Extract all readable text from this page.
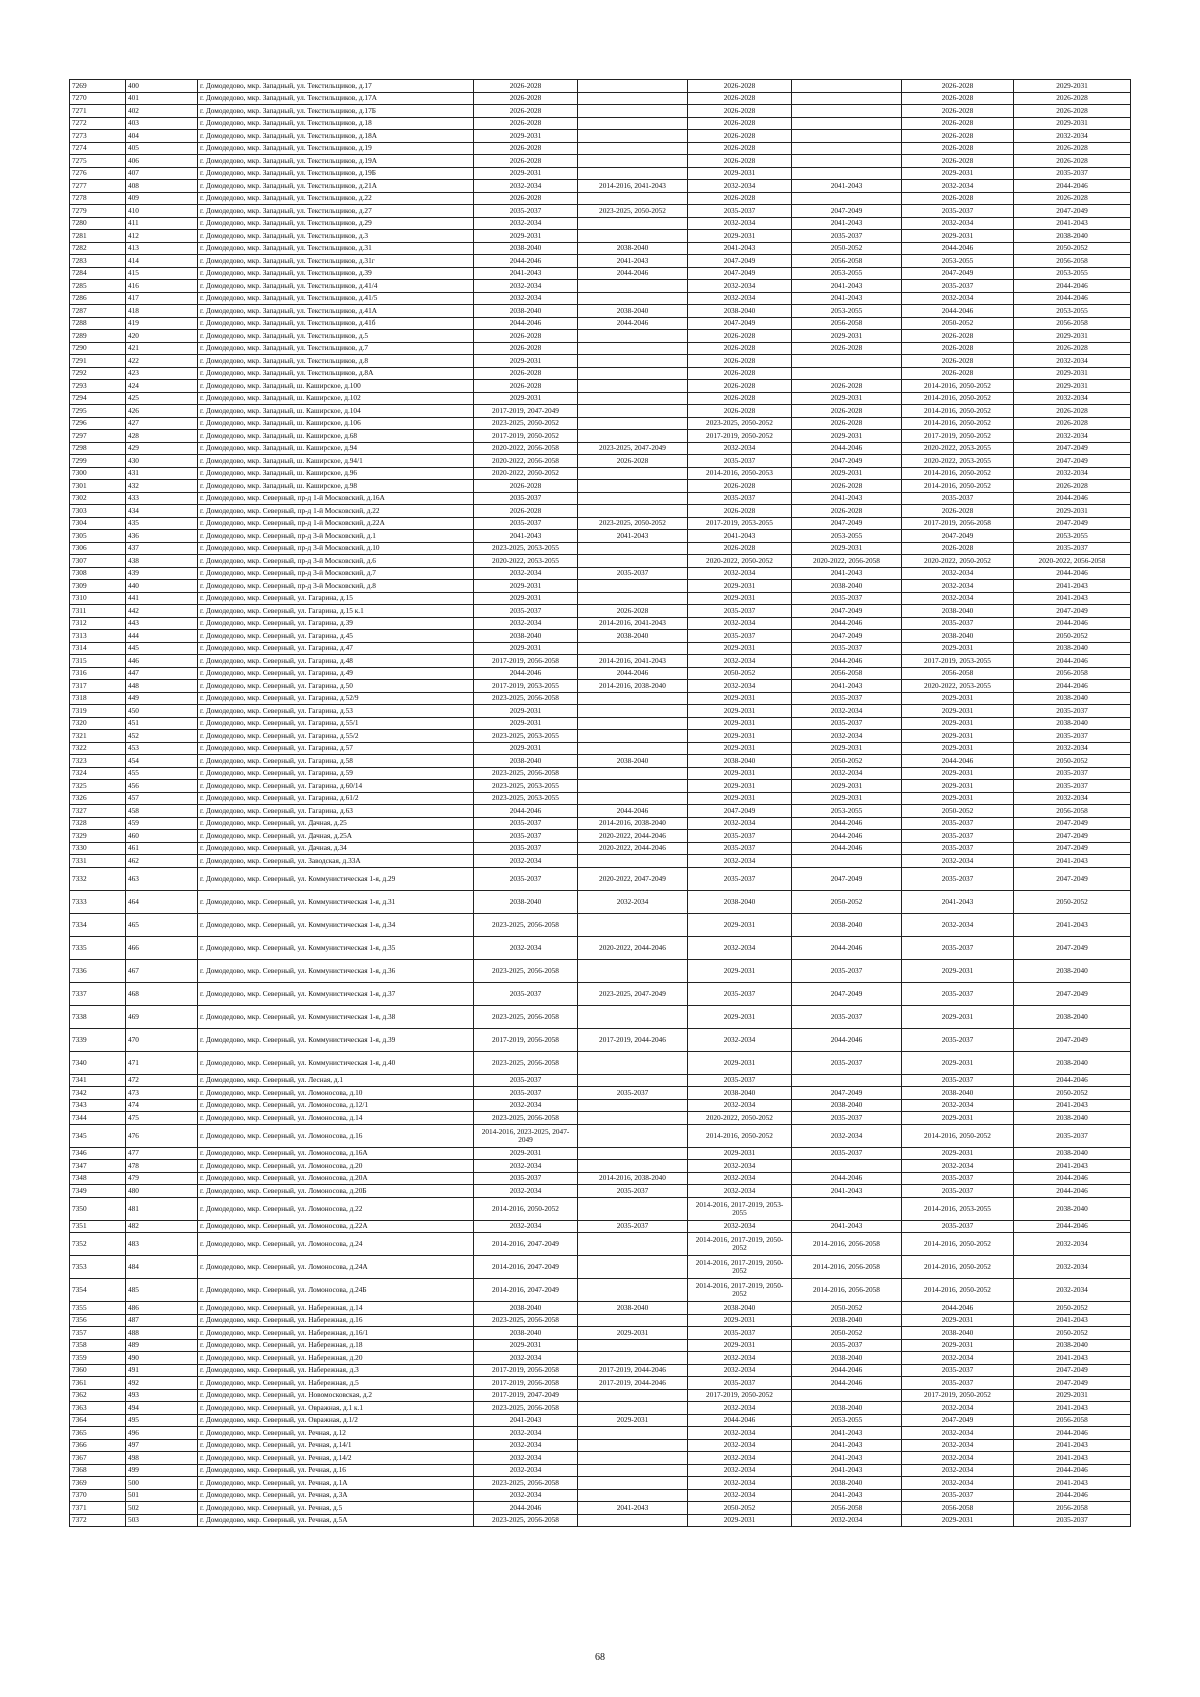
7269	400	г. Домодедово, мкр. Западный, ул. Текстильщиков, д.17	2026-2028		2026-2028		2026-2028	2029-2031
7270	401	г. Домодедово, мкр. Западный, ул. Текстильщиков, д.17А	2026-2028		2026-2028		2026-2028	2026-2028
7271	402	г. Домодедово, мкр. Западный, ул. Текстильщиков, д.17Б	2026-2028		2026-2028		2026-2028	2026-2028
7272	403	г. Домодедово, мкр. Западный, ул. Текстильщиков, д.18	2026-2028		2026-2028		2026-2028	2029-2031
7273	404	г. Домодедово, мкр. Западный, ул. Текстильщиков, д.18А	2029-2031		2026-2028		2026-2028	2032-2034
7274	405	г. Домодедово, мкр. Западный, ул. Текстильщиков, д.19	2026-2028		2026-2028		2026-2028	2026-2028
7275	406	г. Домодедово, мкр. Западный, ул. Текстильщиков, д.19А	2026-2028		2026-2028		2026-2028	2026-2028
7276	407	г. Домодедово, мкр. Западный, ул. Текстильщиков, д.19Б	2029-2031		2029-2031		2029-2031	2035-2037
7277	408	г. Домодедово, мкр. Западный, ул. Текстильщиков, д.21А	2032-2034	2014-2016, 2041-2043	2032-2034	2041-2043	2032-2034	2044-2046
7278	409	г. Домодедово, мкр. Западный, ул. Текстильщиков, д.22	2026-2028		2026-2028		2026-2028	2026-2028
7279	410	г. Домодедово, мкр. Западный, ул. Текстильщиков, д.27	2035-2037	2023-2025, 2050-2052	2035-2037	2047-2049	2035-2037	2047-2049
7280	411	г. Домодедово, мкр. Западный, ул. Текстильщиков, д.29	2032-2034		2032-2034	2041-2043	2032-2034	2041-2043
7281	412	г. Домодедово, мкр. Западный, ул. Текстильщиков, д.3	2029-2031		2029-2031	2035-2037	2029-2031	2038-2040
7282	413	г. Домодедово, мкр. Западный, ул. Текстильщиков, д.31	2038-2040	2038-2040	2041-2043	2050-2052	2044-2046	2050-2052
7283	414	г. Домодедово, мкр. Западный, ул. Текстильщиков, д.31г	2044-2046	2041-2043	2047-2049	2056-2058	2053-2055	2056-2058
7284	415	г. Домодедово, мкр. Западный, ул. Текстильщиков, д.39	2041-2043	2044-2046	2047-2049	2053-2055	2047-2049	2053-2055
7285	416	г. Домодедово, мкр. Западный, ул. Текстильщиков, д.41/4	2032-2034		2032-2034	2041-2043	2035-2037	2044-2046
7286	417	г. Домодедово, мкр. Западный, ул. Текстильщиков, д.41/5	2032-2034		2032-2034	2041-2043	2032-2034	2044-2046
7287	418	г. Домодедово, мкр. Западный, ул. Текстильщиков, д.41А	2038-2040	2038-2040	2038-2040	2053-2055	2044-2046	2053-2055
7288	419	г. Домодедово, мкр. Западный, ул. Текстильщиков, д.41б	2044-2046	2044-2046	2047-2049	2056-2058	2050-2052	2056-2058
7289	420	г. Домодедово, мкр. Западный, ул. Текстильщиков, д.5	2026-2028		2026-2028	2029-2031	2026-2028	2029-2031
7290	421	г. Домодедово, мкр. Западный, ул. Текстильщиков, д.7	2026-2028		2026-2028	2026-2028	2026-2028	2026-2028
7291	422	г. Домодедово, мкр. Западный, ул. Текстильщиков, д.8	2029-2031		2026-2028		2026-2028	2032-2034
7292	423	г. Домодедово, мкр. Западный, ул. Текстильщиков, д.8А	2026-2028		2026-2028		2026-2028	2029-2031
7293	424	г. Домодедово, мкр. Западный, ш. Каширское, д.100	2026-2028		2026-2028	2026-2028	2014-2016, 2050-2052	2029-2031
7294	425	г. Домодедово, мкр. Западный, ш. Каширское, д.102	2029-2031		2026-2028	2029-2031	2014-2016, 2050-2052	2032-2034
7295	426	г. Домодедово, мкр. Западный, ш. Каширское, д.104	2017-2019, 2047-2049		2026-2028	2026-2028	2014-2016, 2050-2052	2026-2028
7296	427	г. Домодедово, мкр. Западный, ш. Каширское, д.106	2023-2025, 2050-2052		2023-2025, 2050-2052	2026-2028	2014-2016, 2050-2052	2026-2028
7297	428	г. Домодедово, мкр. Западный, ш. Каширское, д.68	2017-2019, 2050-2052		2017-2019, 2050-2052	2029-2031	2017-2019, 2050-2052	2032-2034
7298	429	г. Домодедово, мкр. Западный, ш. Каширское, д.94	2020-2022, 2056-2058	2023-2025, 2047-2049	2032-2034	2044-2046	2020-2022, 2053-2055	2047-2049
7299	430	г. Домодедово, мкр. Западный, ш. Каширское, д.94/1	2020-2022, 2056-2058	2026-2028	2035-2037	2047-2049	2020-2022, 2053-2055	2047-2049
7300	431	г. Домодедово, мкр. Западный, ш. Каширское, д.96	2020-2022, 2050-2052		2014-2016, 2050-2053	2029-2031	2014-2016, 2050-2052	2032-2034
7301	432	г. Домодедово, мкр. Западный, ш. Каширское, д.98	2026-2028		2026-2028	2026-2028	2014-2016, 2050-2052	2026-2028
7302	433	г. Домодедово, мкр. Северный, пр-д 1-й Московский, д.16А	2035-2037		2035-2037	2041-2043	2035-2037	2044-2046
7303	434	г. Домодедово, мкр. Северный, пр-д 1-й Московский, д.22	2026-2028		2026-2028	2026-2028	2026-2028	2029-2031
7304	435	г. Домодедово, мкр. Северный, пр-д 1-й Московский, д.22А	2035-2037	2023-2025, 2050-2052	2017-2019, 2053-2055	2047-2049	2017-2019, 2056-2058	2047-2049
7305	436	г. Домодедово, мкр. Северный, пр-д 3-й Московский, д.1	2041-2043	2041-2043	2041-2043	2053-2055	2047-2049	2053-2055
7306	437	г. Домодедово, мкр. Северный, пр-д 3-й Московский, д.10	2023-2025, 2053-2055		2026-2028	2029-2031	2026-2028	2035-2037
7307	438	г. Домодедово, мкр. Северный, пр-д 3-й Московский, д.6	2020-2022, 2053-2055		2020-2022, 2050-2052	2020-2022, 2056-2058	2020-2022, 2050-2052	2020-2022, 2056-2058
7308	439	г. Домодедово, мкр. Северный, пр-д 3-й Московский, д.7	2032-2034	2035-2037	2032-2034	2041-2043	2032-2034	2044-2046
7309	440	г. Домодедово, мкр. Северный, пр-д 3-й Московский, д.8	2029-2031		2029-2031	2038-2040	2032-2034	2041-2043
7310	441	г. Домодедово, мкр. Северный, ул. Гагарина, д.15	2029-2031		2029-2031	2035-2037	2032-2034	2041-2043
7311	442	г. Домодедово, мкр. Северный, ул. Гагарина, д.15 к.1	2035-2037	2026-2028	2035-2037	2047-2049	2038-2040	2047-2049
7312	443	г. Домодедово, мкр. Северный, ул. Гагарина, д.39	2032-2034	2014-2016, 2041-2043	2032-2034	2044-2046	2035-2037	2044-2046
7313	444	г. Домодедово, мкр. Северный, ул. Гагарина, д.45	2038-2040	2038-2040	2035-2037	2047-2049	2038-2040	2050-2052
7314	445	г. Домодедово, мкр. Северный, ул. Гагарина, д.47	2029-2031		2029-2031	2035-2037	2029-2031	2038-2040
7315	446	г. Домодедово, мкр. Северный, ул. Гагарина, д.48	2017-2019, 2056-2058	2014-2016, 2041-2043	2032-2034	2044-2046	2017-2019, 2053-2055	2044-2046
7316	447	г. Домодедово, мкр. Северный, ул. Гагарина, д.49	2044-2046	2044-2046	2050-2052	2056-2058	2056-2058	2056-2058
7317	448	г. Домодедово, мкр. Северный, ул. Гагарина, д.50	2017-2019, 2053-2055	2014-2016, 2038-2040	2032-2034	2041-2043	2020-2022, 2053-2055	2044-2046
7318	449	г. Домодедово, мкр. Северный, ул. Гагарина, д.52/9	2023-2025, 2056-2058		2029-2031	2035-2037	2029-2031	2038-2040
7319	450	г. Домодедово, мкр. Северный, ул. Гагарина, д.53	2029-2031		2029-2031	2032-2034	2029-2031	2035-2037
7320	451	г. Домодедово, мкр. Северный, ул. Гагарина, д.55/1	2029-2031		2029-2031	2035-2037	2029-2031	2038-2040
7321	452	г. Домодедово, мкр. Северный, ул. Гагарина, д.55/2	2023-2025, 2053-2055		2029-2031	2032-2034	2029-2031	2035-2037
7322	453	г. Домодедово, мкр. Северный, ул. Гагарина, д.57	2029-2031		2029-2031	2029-2031	2029-2031	2032-2034
7323	454	г. Домодедово, мкр. Северный, ул. Гагарина, д.58	2038-2040	2038-2040	2038-2040	2050-2052	2044-2046	2050-2052
7324	455	г. Домодедово, мкр. Северный, ул. Гагарина, д.59	2023-2025, 2056-2058		2029-2031	2032-2034	2029-2031	2035-2037
7325	456	г. Домодедово, мкр. Северный, ул. Гагарина, д.60/14	2023-2025, 2053-2055		2029-2031	2029-2031	2029-2031	2035-2037
7326	457	г. Домодедово, мкр. Северный, ул. Гагарина, д.61/2	2023-2025, 2053-2055		2029-2031	2029-2031	2029-2031	2032-2034
7327	458	г. Домодедово, мкр. Северный, ул. Гагарина, д.63	2044-2046	2044-2046	2047-2049	2053-2055	2050-2052	2056-2058
7328	459	г. Домодедово, мкр. Северный, ул. Дачная, д.25	2035-2037	2014-2016, 2038-2040	2032-2034	2044-2046	2035-2037	2047-2049
7329	460	г. Домодедово, мкр. Северный, ул. Дачная, д.25А	2035-2037	2020-2022, 2044-2046	2035-2037	2044-2046	2035-2037	2047-2049
7330	461	г. Домодедово, мкр. Северный, ул. Дачная, д.34	2035-2037	2020-2022, 2044-2046	2035-2037	2044-2046	2035-2037	2047-2049
7331	462	г. Домодедово, мкр. Северный, ул. Заводская, д.33А	2032-2034		2032-2034		2032-2034	2041-2043
7332	463	г. Домодедово, мкр. Северный, ул. Коммунистическая 1-я, д.29	2035-2037	2020-2022, 2047-2049	2035-2037	2047-2049	2035-2037	2047-2049
7333	464	г. Домодедово, мкр. Северный, ул. Коммунистическая 1-я, д.31	2038-2040	2032-2034	2038-2040	2050-2052	2041-2043	2050-2052
7334	465	г. Домодедово, мкр. Северный, ул. Коммунистическая 1-я, д.34	2023-2025, 2056-2058		2029-2031	2038-2040	2032-2034	2041-2043
7335	466	г. Домодедово, мкр. Северный, ул. Коммунистическая 1-я, д.35	2032-2034	2020-2022, 2044-2046	2032-2034	2044-2046	2035-2037	2047-2049
7336	467	г. Домодедово, мкр. Северный, ул. Коммунистическая 1-я, д.36	2023-2025, 2056-2058		2029-2031	2035-2037	2029-2031	2038-2040
7337	468	г. Домодедово, мкр. Северный, ул. Коммунистическая 1-я, д.37	2035-2037	2023-2025, 2047-2049	2035-2037	2047-2049	2035-2037	2047-2049
7338	469	г. Домодедово, мкр. Северный, ул. Коммунистическая 1-я, д.38	2023-2025, 2056-2058		2029-2031	2035-2037	2029-2031	2038-2040
7339	470	г. Домодедово, мкр. Северный, ул. Коммунистическая 1-я, д.39	2017-2019, 2056-2058	2017-2019, 2044-2046	2032-2034	2044-2046	2035-2037	2047-2049
7340	471	г. Домодедово, мкр. Северный, ул. Коммунистическая 1-я, д.40	2023-2025, 2056-2058		2029-2031	2035-2037	2029-2031	2038-2040
7341	472	г. Домодедово, мкр. Северный, ул. Лесная, д.1	2035-2037		2035-2037		2035-2037	2044-2046
7342	473	г. Домодедово, мкр. Северный, ул. Ломоносова, д.10	2035-2037	2035-2037	2038-2040	2047-2049	2038-2040	2050-2052
7343	474	г. Домодедово, мкр. Северный, ул. Ломоносова, д.12/1	2032-2034		2032-2034	2038-2040	2032-2034	2041-2043
7344	475	г. Домодедово, мкр. Северный, ул. Ломоносова, д.14	2023-2025, 2056-2058		2020-2022, 2050-2052	2035-2037	2029-2031	2038-2040
7345	476	г. Домодедово, мкр. Северный, ул. Ломоносова, д.16	2014-2016, 2023-2025, 2047-2049		2014-2016, 2050-2052	2032-2034	2014-2016, 2050-2052	2035-2037
7346	477	г. Домодедово, мкр. Северный, ул. Ломоносова, д.16А	2029-2031		2029-2031	2035-2037	2029-2031	2038-2040
7347	478	г. Домодедово, мкр. Северный, ул. Ломоносова, д.20	2032-2034		2032-2034		2032-2034	2041-2043
7348	479	г. Домодедово, мкр. Северный, ул. Ломоносова, д.20А	2035-2037	2014-2016, 2038-2040	2032-2034	2044-2046	2035-2037	2044-2046
7349	480	г. Домодедово, мкр. Северный, ул. Ломоносова, д.20Б	2032-2034	2035-2037	2032-2034	2041-2043	2035-2037	2044-2046
7350	481	г. Домодедово, мкр. Северный, ул. Ломоносова, д.22	2014-2016, 2050-2052		2014-2016, 2017-2019, 2053-2055		2014-2016, 2053-2055	2038-2040
7351	482	г. Домодедово, мкр. Северный, ул. Ломоносова, д.22А	2032-2034	2035-2037	2032-2034	2041-2043	2035-2037	2044-2046
7352	483	г. Домодедово, мкр. Северный, ул. Ломоносова, д.24	2014-2016, 2047-2049		2014-2016, 2017-2019, 2050-2052	2014-2016, 2056-2058	2014-2016, 2050-2052	2032-2034
7353	484	г. Домодедово, мкр. Северный, ул. Ломоносова, д.24А	2014-2016, 2047-2049		2014-2016, 2017-2019, 2050-2052	2014-2016, 2056-2058	2014-2016, 2050-2052	2032-2034
7354	485	г. Домодедово, мкр. Северный, ул. Ломоносова, д.24Б	2014-2016, 2047-2049		2014-2016, 2017-2019, 2050-2052	2014-2016, 2056-2058	2014-2016, 2050-2052	2032-2034
7355	486	г. Домодедово, мкр. Северный, ул. Набережная, д.14	2038-2040	2038-2040	2038-2040	2050-2052	2044-2046	2050-2052
7356	487	г. Домодедово, мкр. Северный, ул. Набережная, д.16	2023-2025, 2056-2058		2029-2031	2038-2040	2029-2031	2041-2043
7357	488	г. Домодедово, мкр. Северный, ул. Набережная, д.16/1	2038-2040	2029-2031	2035-2037	2050-2052	2038-2040	2050-2052
7358	489	г. Домодедово, мкр. Северный, ул. Набережная, д.18	2029-2031		2029-2031	2035-2037	2029-2031	2038-2040
7359	490	г. Домодедово, мкр. Северный, ул. Набережная, д.20	2032-2034		2032-2034	2038-2040	2032-2034	2041-2043
7360	491	г. Домодедово, мкр. Северный, ул. Набережная, д.3	2017-2019, 2056-2058	2017-2019, 2044-2046	2032-2034	2044-2046	2035-2037	2047-2049
7361	492	г. Домодедово, мкр. Северный, ул. Набережная, д.5	2017-2019, 2056-2058	2017-2019, 2044-2046	2035-2037	2044-2046	2035-2037	2047-2049
7362	493	г. Домодедово, мкр. Северный, ул. Новомосковская, д.2	2017-2019, 2047-2049		2017-2019, 2050-2052		2017-2019, 2050-2052	2029-2031
7363	494	г. Домодедово, мкр. Северный, ул. Овражная, д.1 к.1	2023-2025, 2056-2058		2032-2034	2038-2040	2032-2034	2041-2043
7364	495	г. Домодедово, мкр. Северный, ул. Овражная, д.1/2	2041-2043	2029-2031	2044-2046	2053-2055	2047-2049	2056-2058
7365	496	г. Домодедово, мкр. Северный, ул. Речная, д.12	2032-2034		2032-2034	2041-2043	2032-2034	2044-2046
7366	497	г. Домодедово, мкр. Северный, ул. Речная, д.14/1	2032-2034		2032-2034	2041-2043	2032-2034	2041-2043
7367	498	г. Домодедово, мкр. Северный, ул. Речная, д.14/2	2032-2034		2032-2034	2041-2043	2032-2034	2041-2043
7368	499	г. Домодедово, мкр. Северный, ул. Речная, д.16	2032-2034		2032-2034	2041-2043	2032-2034	2044-2046
7369	500	г. Домодедово, мкр. Северный, ул. Речная, д.1А	2023-2025, 2056-2058		2032-2034	2038-2040	2032-2034	2041-2043
7370	501	г. Домодедово, мкр. Северный, ул. Речная, д.3А	2032-2034		2032-2034	2041-2043	2035-2037	2044-2046
7371	502	г. Домодедово, мкр. Северный, ул. Речная, д.5	2044-2046	2041-2043	2050-2052	2056-2058	2056-2058	2056-2058
7372	503	г. Домодедово, мкр. Северный, ул. Речная, д.5А	2023-2025, 2056-2058		2029-2031	2032-2034	2029-2031	2035-2037
68
